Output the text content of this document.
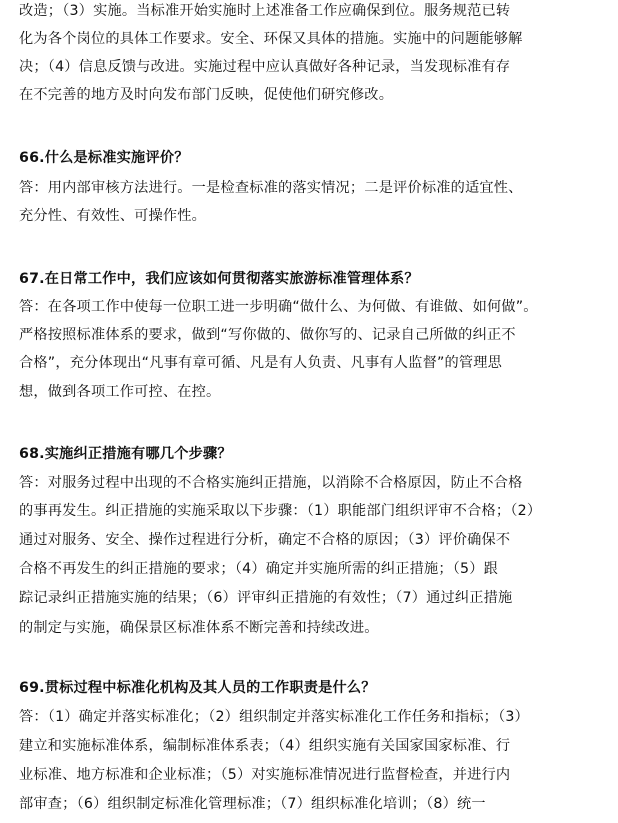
改造；（3）实施。当标准开始实施时上述准备工作应确保到位。服务规范已转
化为各个岗位的具体工作要求。安全、环保又具体的措施。实施中的问题能够解
决；（4）信息反馈与改进。实施过程中应认真做好各种记录，当发现标准有存
在不完善的地方及时向发布部门反映，促使他们研究修改。
66.什么是标准实施评价？
答：用内部审核方法进行。一是检查标准的落实情况；二是评价标准的适宜性、
充分性、有效性、可操作性。
67.在日常工作中，我们应该如何贯彻落实旅游标准管理体系？
答：在各项工作中使每一位职工进一步明确“做什么、为何做、有谁做、如何做”。
严格按照标准体系的要求，做到“写你做的、做你写的、记录自己所做的纠正不
合格”，充分体现出“凡事有章可循、凡是有人负责、凡事有人监督”的管理思
想，做到各项工作可控、在控。
68.实施纠正措施有哪几个步骤？
答：对服务过程中出现的不合格实施纠正措施，以消除不合格原因，防止不合格
的事再发生。纠正措施的实施采取以下步骤：（1）职能部门组织评审不合格；（2）
通过对服务、安全、操作过程进行分析，确定不合格的原因；（3）评价确保不
合格不再发生的纠正措施的要求；（4）确定并实施所需的纠正措施；（5）跟
踪记录纠正措施实施的结果；（6）评审纠正措施的有效性；（7）通过纠正措施
的制定与实施，确保景区标准体系不断完善和持续改进。
69.贯标过程中标准化机构及其人员的工作职责是什么？
答：（1）确定并落实标准化；（2）组织制定并落实标准化工作任务和指标；（3）
建立和实施标准体系，编制标准体系表；（4）组织实施有关国家国家标准、行
业标准、地方标准和企业标准；（5）对实施标准情况进行监督检查，并进行内
部审查；（6）组织制定标准化管理标准；（7）组织标准化培训；（8）统一
